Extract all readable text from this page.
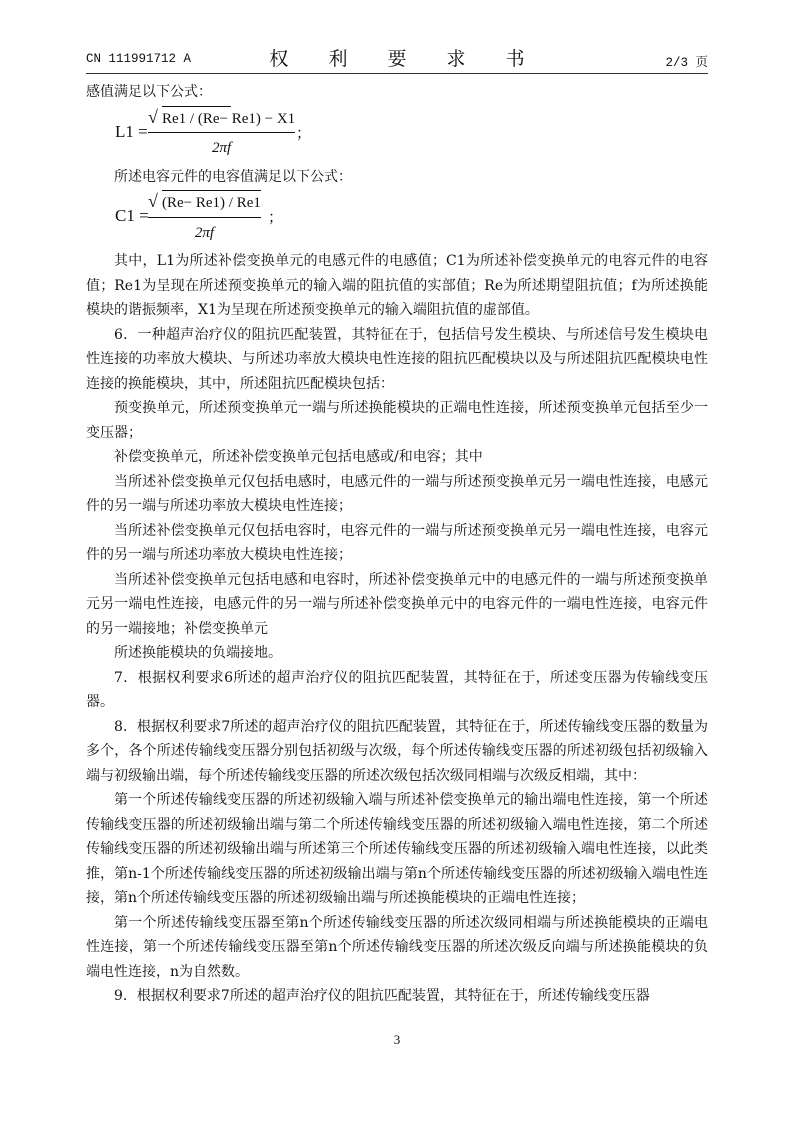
CN 111991712 A	权 利 要 求 书	2/3 页

感值满足以下公式：

L1 =
√ Re1 / (Re− Re1) − X1
2πf
；

所述电容元件的电容值满足以下公式：

C1 =
√ (Re− Re1) / Re1
2πf
；

其中，L1为所述补偿变换单元的电感元件的电感值；C1为所述补偿变换单元的电容元件的电容值；Re1为呈现在所述预变换单元的输入端的阻抗值的实部值；Re为所述期望阻抗值；f为所述换能模块的谐振频率，X1为呈现在所述预变换单元的输入端阻抗值的虚部值。

6．一种超声治疗仪的阻抗匹配装置，其特征在于，包括信号发生模块、与所述信号发生模块电性连接的功率放大模块、与所述功率放大模块电性连接的阻抗匹配模块以及与所述阻抗匹配模块电性连接的换能模块，其中，所述阻抗匹配模块包括：

预变换单元，所述预变换单元一端与所述换能模块的正端电性连接，所述预变换单元包括至少一变压器；

补偿变换单元，所述补偿变换单元包括电感或/和电容；其中

当所述补偿变换单元仅包括电感时，电感元件的一端与所述预变换单元另一端电性连接，电感元件的另一端与所述功率放大模块电性连接；

当所述补偿变换单元仅包括电容时，电容元件的一端与所述预变换单元另一端电性连接，电容元件的另一端与所述功率放大模块电性连接；

当所述补偿变换单元包括电感和电容时，所述补偿变换单元中的电感元件的一端与所述预变换单元另一端电性连接，电感元件的另一端与所述补偿变换单元中的电容元件的一端电性连接，电容元件的另一端接地；补偿变换单元

所述换能模块的负端接地。

7．根据权利要求6所述的超声治疗仪的阻抗匹配装置，其特征在于，所述变压器为传输线变压器。

8．根据权利要求7所述的超声治疗仪的阻抗匹配装置，其特征在于，所述传输线变压器的数量为多个，各个所述传输线变压器分别包括初级与次级，每个所述传输线变压器的所述初级包括初级输入端与初级输出端，每个所述传输线变压器的所述次级包括次级同相端与次级反相端，其中：

第一个所述传输线变压器的所述初级输入端与所述补偿变换单元的输出端电性连接，第一个所述传输线变压器的所述初级输出端与第二个所述传输线变压器的所述初级输入端电性连接，第二个所述传输线变压器的所述初级输出端与所述第三个所述传输线变压器的所述初级输入端电性连接，以此类推，第n-1个所述传输线变压器的所述初级输出端与第n个所述传输线变压器的所述初级输入端电性连接，第n个所述传输线变压器的所述初级输出端与所述换能模块的正端电性连接；

第一个所述传输线变压器至第n个所述传输线变压器的所述次级同相端与所述换能模块的正端电性连接，第一个所述传输线变压器至第n个所述传输线变压器的所述次级反向端与所述换能模块的负端电性连接，n为自然数。

9．根据权利要求7所述的超声治疗仪的阻抗匹配装置，其特征在于，所述传输线变压器

3
